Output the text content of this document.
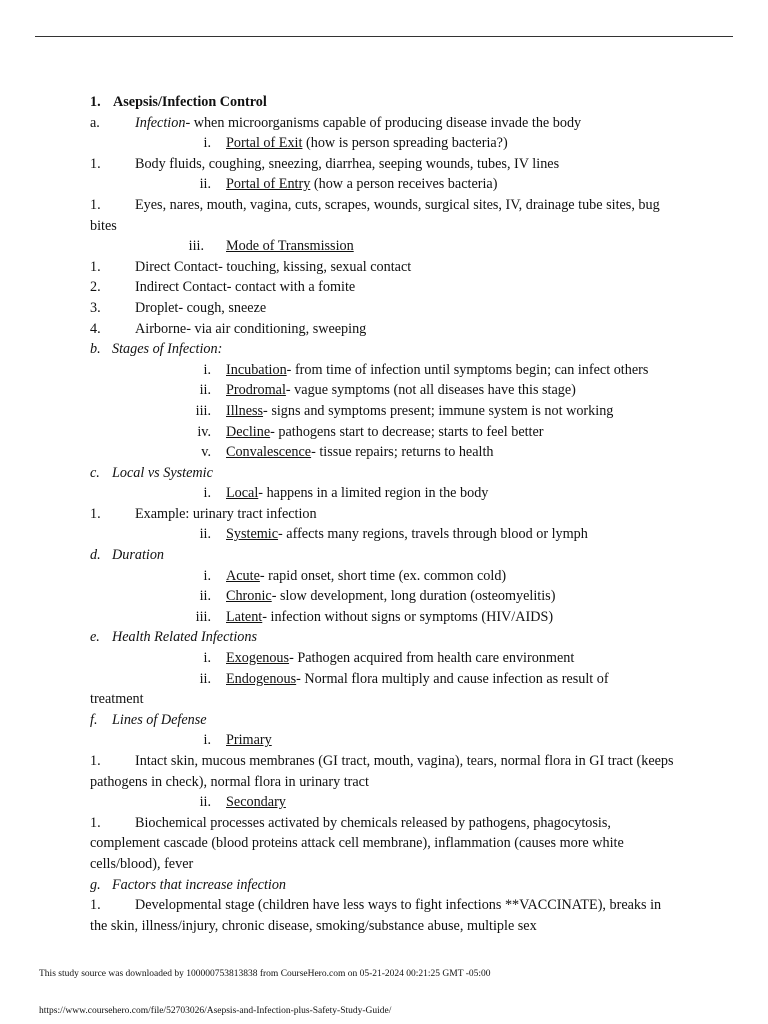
1. Asepsis/Infection Control
a. Infection- when microorganisms capable of producing disease invade the body
i. Portal of Exit (how is person spreading bacteria?)
1. Body fluids, coughing, sneezing, diarrhea, seeping wounds, tubes, IV lines
ii. Portal of Entry (how a person receives bacteria)
1. Eyes, nares, mouth, vagina, cuts, scrapes, wounds, surgical sites, IV, drainage tube sites, bug bites
iii. Mode of Transmission
1. Direct Contact- touching, kissing, sexual contact
2. Indirect Contact- contact with a fomite
3. Droplet- cough, sneeze
4. Airborne- via air conditioning, sweeping
b. Stages of Infection:
i. Incubation- from time of infection until symptoms begin; can infect others
ii. Prodromal- vague symptoms (not all diseases have this stage)
iii. Illness- signs and symptoms present; immune system is not working
iv. Decline- pathogens start to decrease; starts to feel better
v. Convalescence- tissue repairs; returns to health
c. Local vs Systemic
i. Local- happens in a limited region in the body
1. Example: urinary tract infection
ii. Systemic- affects many regions, travels through blood or lymph
d. Duration
i. Acute- rapid onset, short time (ex. common cold)
ii. Chronic- slow development, long duration (osteomyelitis)
iii. Latent- infection without signs or symptoms (HIV/AIDS)
e. Health Related Infections
i. Exogenous- Pathogen acquired from health care environment
ii. Endogenous- Normal flora multiply and cause infection as result of
treatment
f. Lines of Defense
i. Primary
1. Intact skin, mucous membranes (GI tract, mouth, vagina), tears, normal flora in GI tract (keeps pathogens in check), normal flora in urinary tract
ii. Secondary
1. Biochemical processes activated by chemicals released by pathogens, phagocytosis, complement cascade (blood proteins attack cell membrane), inflammation (causes more white cells/blood), fever
g. Factors that increase infection
1. Developmental stage (children have less ways to fight infections **VACCINATE), breaks in the skin, illness/injury, chronic disease, smoking/substance abuse, multiple sex
This study source was downloaded by 100000753813838 from CourseHero.com on 05-21-2024 00:21:25 GMT -05:00
https://www.coursehero.com/file/52703026/Asepsis-and-Infection-plus-Safety-Study-Guide/
